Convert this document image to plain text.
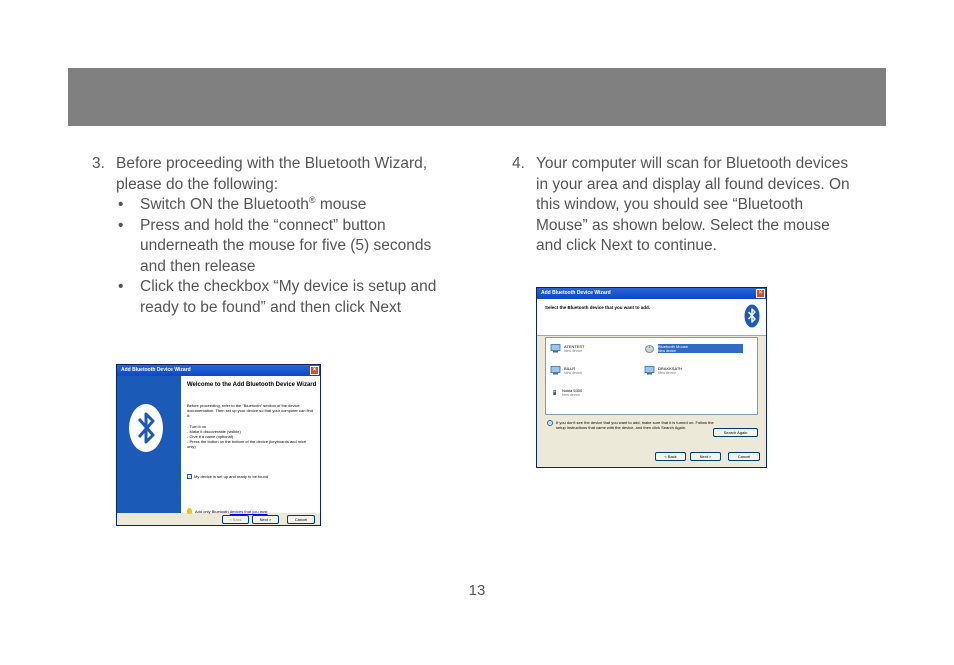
3. Before proceeding with the Bluetooth Wizard, please do the following:
• Switch ON the Bluetooth® mouse
• Press and hold the “connect” button underneath the mouse for five (5) seconds and then release
• Click the checkbox “My device is setup and ready to be found” and then click Next
4. Your computer will scan for Bluetooth devices in your area and display all found devices. On this window, you should see “Bluetooth Mouse” as shown below. Select the mouse and click Next to continue.
Add Bluetooth Device Wizard	×
Welcome to the Add Bluetooth Device Wizard
Before proceeding, refer to the "Bluetooth" section of the device documentation. Then set up your device so that your computer can find it:
- Turn it on
- Make it discoverable (visible)
- Give it a name (optional)
- Press the button on the bottom of the device (keyboards and mice only)
✓ My device is set up and ready to be found
Add only Bluetooth
devices that you trust
< Back	Next >	Cancel
Add Bluetooth Device Wizard	×
Select the Bluetooth device that you want to add.
ATENTEST
New device
Bluetooth Mouse
New device
BILLR
New device
DRAKKSATH
New device
Nokia 5300
New device
i	If you don't see the device that you want to add, make sure that it is turned on. Follow the setup instructions that came with the device, and then click Search Again.
Search Again
< Back	Next >	Cancel
13
